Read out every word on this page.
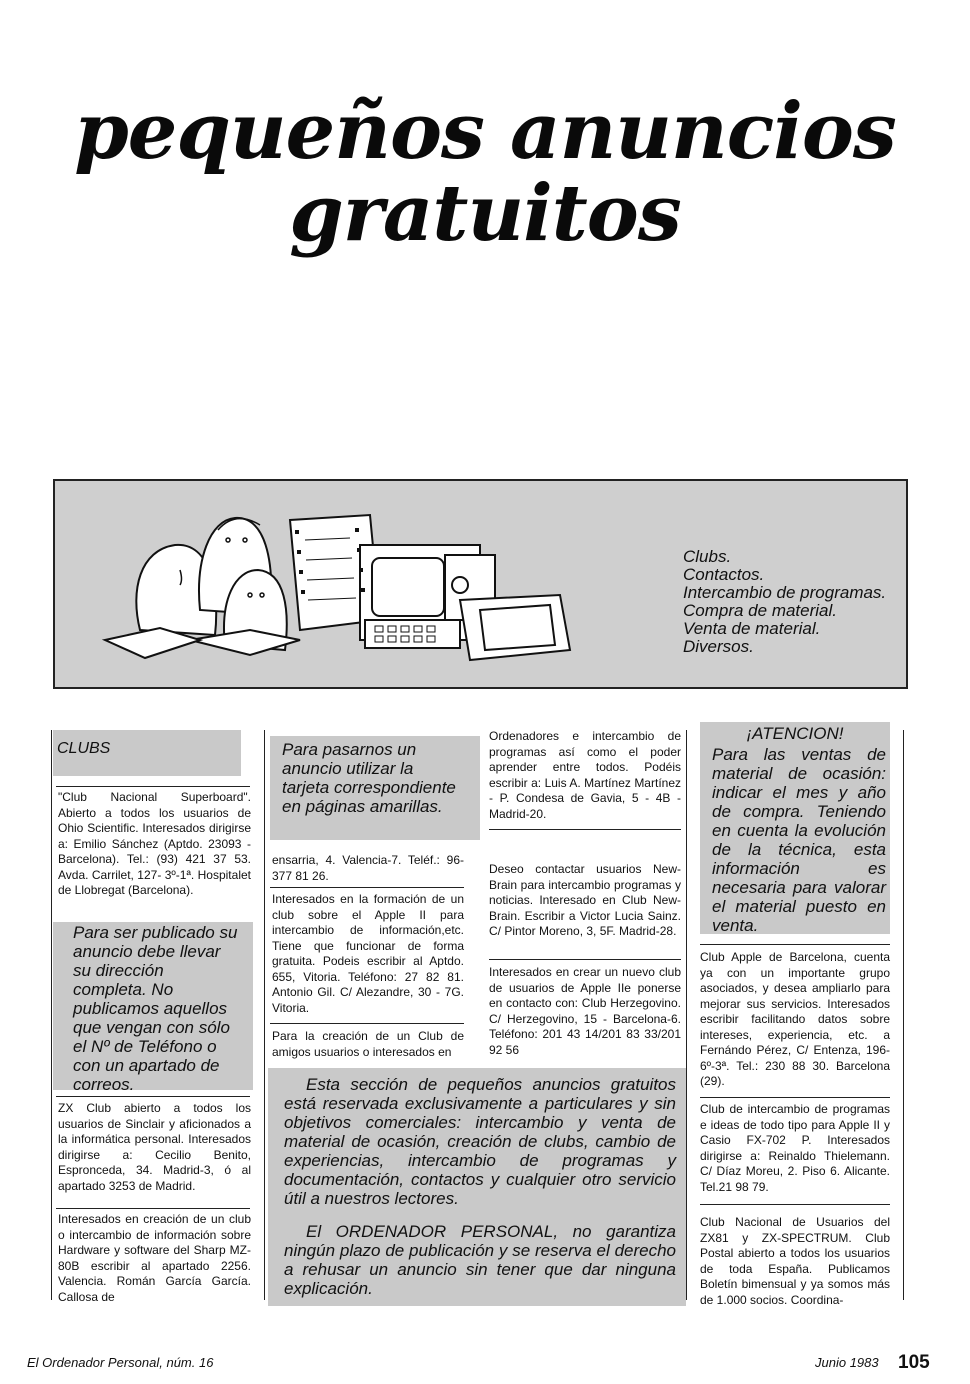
pequeños anuncios
gratuitos
Clubs.
Contactos.
Intercambio de programas.
Compra de material.
Venta de material.
Diversos.
CLUBS
"Club Nacional Superboard". Abierto a todos los usuarios de Ohio Scientific. Interesados dirigirse a: Emilio Sánchez (Aptdo. 23093 - Barcelona). Tel.: (93) 421 37 53. Avda. Carrilet, 127- 3º-1ª. Hospitalet de Llobregat (Barcelona).
Para ser publicado su anuncio debe llevar su dirección completa. No publicamos aquellos que vengan con sólo el Nº de Teléfono o con un apartado de correos.
ZX Club abierto a todos los usuarios de Sinclair y aficionados a la informática personal. Interesados dirigirse a: Cecilio Benito, Espronceda, 34. Madrid-3, ó al apartado 3253 de Madrid.
Interesados en creación de un club o intercambio de información sobre Hardware y software del Sharp MZ-80B escribir al apartado 2256. Valencia. Román García García. Callosa de
Para pasarnos un anuncio utilizar la tarjeta correspondiente en páginas amarillas.
ensarria, 4. Valencia-7. Teléf.: 96-377 81 26.
Interesados en la formación de un club sobre el Apple II para intercambio de información,etc. Tiene que funcionar de forma gratuita. Podeis escribir al Aptdo. 655, Vitoria. Teléfono: 27 82 81. Antonio Gil. C/ Alezandre, 30 - 7G. Vitoria.
Para la creación de un Club de amigos usuarios o interesados en
Ordenadores e intercambio de programas así como el poder aprender entre todos. Podéis escribir a: Luis A. Martínez Martínez - P. Condesa de Gavia, 5 - 4B - Madrid-20.
Deseo contactar usuarios New-Brain para intercambio programas y noticias. Interesado en Club New-Brain. Escribir a Victor Lucia Sainz. C/ Pintor Moreno, 3, 5F. Madrid-28.
Interesados en crear un nuevo club de usuarios de Apple IIe ponerse en contacto con: Club Herzegovino. C/ Herzegovino, 15 - Barcelona-6. Teléfono: 201 43 14/201 83 33/201 92 56

Esta sección de pequeños anuncios gratuitos está reservada exclusivamente a particulares y sin objetivos comerciales: intercambio y venta de material de ocasión, creación de clubs, cambio de experiencias, intercambio de programas y documentación, contactos y cualquier otro servicio útil a nuestros lectores.

El ORDENADOR PERSONAL, no garantiza ningún plazo de publicación y se reserva el derecho a rehusar un anuncio sin tener que dar ninguna explicación.

¡ATENCION!
Para las ventas de material de ocasión: indicar el mes y año de compra. Teniendo en cuenta la evolución de la técnica, esta información es necesaria para valorar el material puesto en venta.
Club Apple de Barcelona, cuenta ya con un importante grupo asociados, y desea ampliarlo para mejorar sus servicios. Interesados escribir facilitando datos sobre intereses, experiencia, etc. a Fernándo Pérez, C/ Entenza, 196-6º-3ª. Tel.: 230 88 30. Barcelona (29).
Club de intercambio de programas e ideas de todo tipo para Apple II y Casio FX-702 P. Interesados dirigirse a: Reinaldo Thielemann. C/ Díaz Moreu, 2. Piso 6. Alicante. Tel.21 98 79.
Club Nacional de Usuarios del ZX81 y ZX-SPECTRUM. Club Postal abierto a todos los usuarios de toda España. Publicamos Boletín bimensual y ya somos más de 1.000 socios. Coordina-
El Ordenador Personal, núm. 16	Junio 1983 105
